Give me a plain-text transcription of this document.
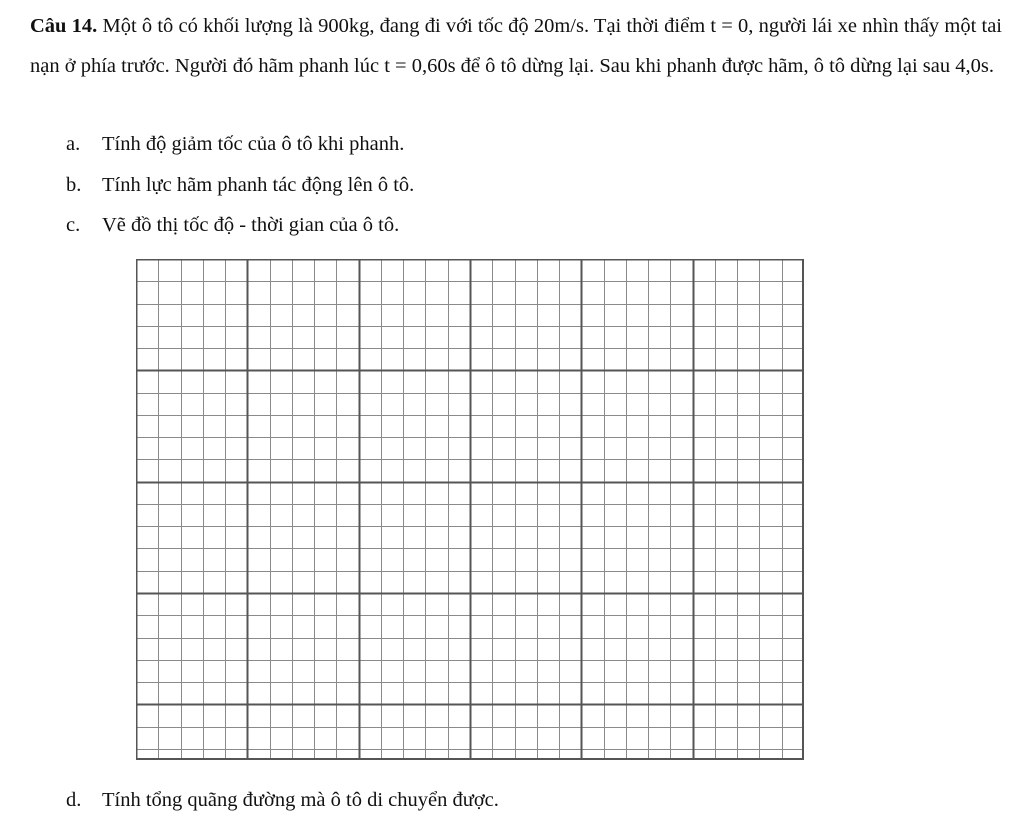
Câu 14. Một ô tô có khối lượng là 900kg, đang đi với tốc độ 20m/s. Tại thời điểm t = 0, người lái xe nhìn thấy một tai nạn ở phía trước. Người đó hãm phanh lúc t = 0,60s để ô tô dừng lại. Sau khi phanh được hãm, ô tô dừng lại sau 4,0s.

a. Tính độ giảm tốc của ô tô khi phanh.
b. Tính lực hãm phanh tác động lên ô tô.
c. Vẽ đồ thị tốc độ - thời gian của ô tô.
d. Tính tổng quãng đường mà ô tô di chuyển được.
